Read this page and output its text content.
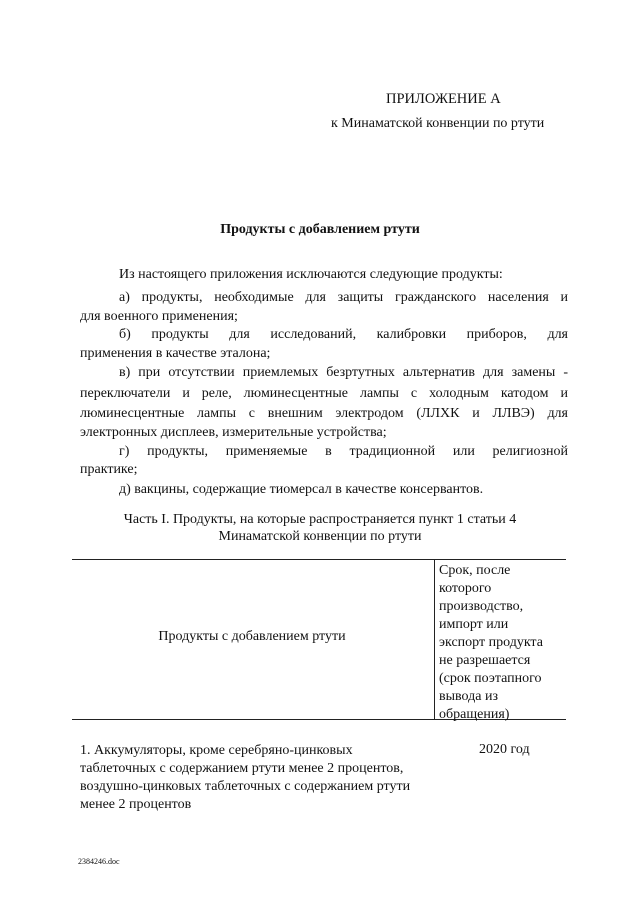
ПРИЛОЖЕНИЕ А
к Минаматской конвенции по ртути
Продукты с добавлением ртути
Из настоящего приложения исключаются следующие продукты:
а) продукты, необходимые для защиты гражданского населения и
для военного применения;
б) продукты для исследований, калибровки приборов, для
применения в качестве эталона;
в) при отсутствии приемлемых безртутных альтернатив для замены -
переключатели и реле, люминесцентные лампы с холодным катодом и
люминесцентные лампы с внешним электродом (ЛЛХК и ЛЛВЭ) для
электронных дисплеев, измерительные устройства;
г) продукты, применяемые в традиционной или религиозной
практике;
д) вакцины, содержащие тиомерсал в качестве консервантов.
Часть I. Продукты, на которые распространяется пункт 1 статьи 4
Минаматской конвенции по ртути
Продукты с добавлением ртути
Срок, после
которого
производство,
импорт или
экспорт продукта
не разрешается
(срок поэтапного
вывода из
обращения)
1. Аккумуляторы, кроме серебряно-цинковых
таблеточных с содержанием ртути менее 2 процентов,
воздушно-цинковых таблеточных с содержанием ртути
менее 2 процентов
2020 год
2384246.doc
